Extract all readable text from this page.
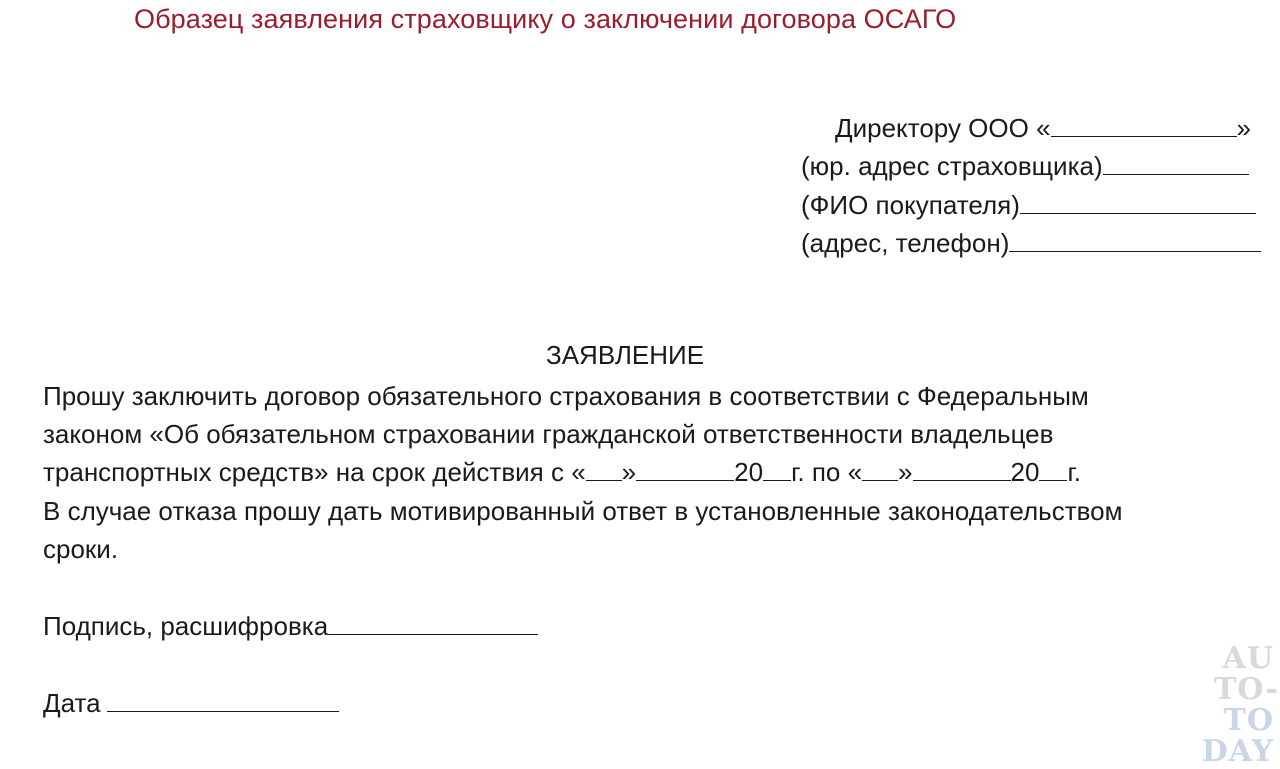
Образец заявления страховщику о заключении договора ОСАГО
Директору ООО «	»
(юр. адрес страховщика)
(ФИО покупателя)
(адрес, телефон)
ЗАЯВЛЕНИЕ
Прошу заключить договор обязательного страхования в соответствии с Федеральным
законом «Об обязательном страховании гражданской ответственности владельцев
транспортных средств» на срок действия с « »	20 г. по « »	20 г.
В случае отказа прошу дать мотивированный ответ в установленные законодательством
сроки.
Подпись, расшифровка
Дата
AU
TO-TO
DAY
